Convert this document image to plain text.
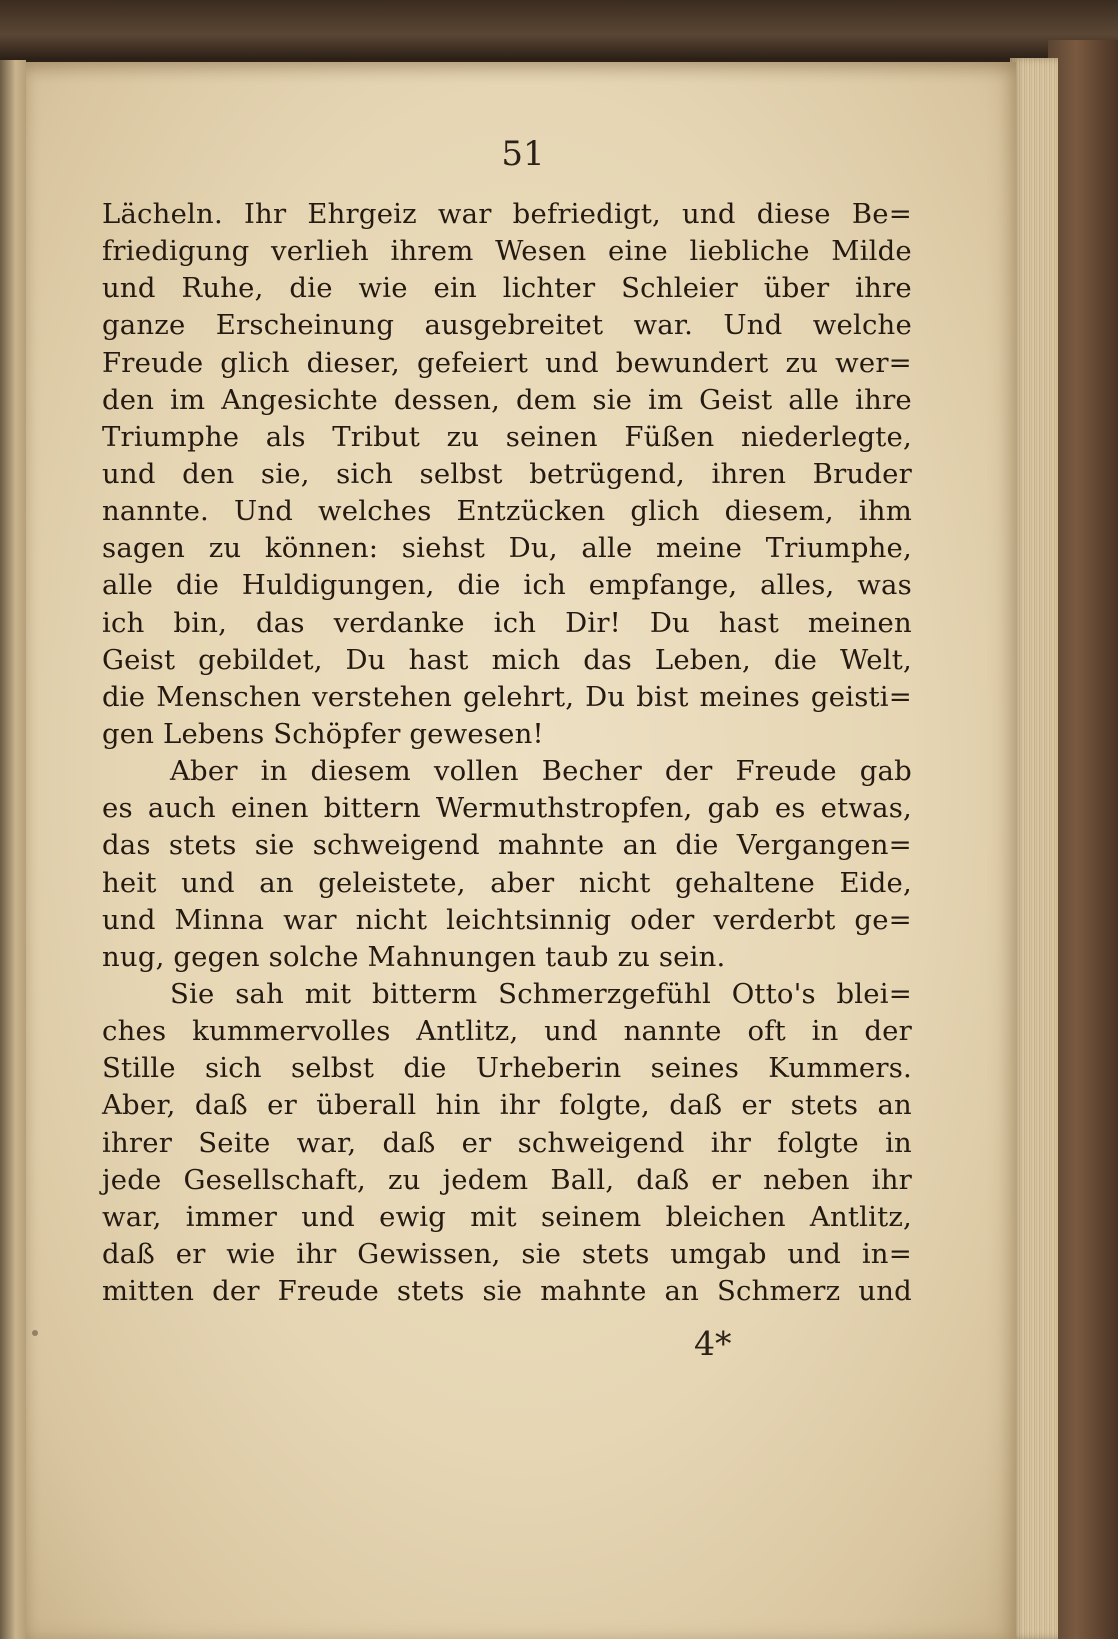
51
Lächeln. Ihr Ehrgeiz war befriedigt, und diese Be=
friedigung verlieh ihrem Wesen eine liebliche Milde
und Ruhe, die wie ein lichter Schleier über ihre
ganze Erscheinung ausgebreitet war. Und welche
Freude glich dieser, gefeiert und bewundert zu wer=
den im Angesichte dessen, dem sie im Geist alle ihre
Triumphe als Tribut zu seinen Füßen niederlegte,
und den sie, sich selbst betrügend, ihren Bruder
nannte. Und welches Entzücken glich diesem, ihm
sagen zu können: siehst Du, alle meine Triumphe,
alle die Huldigungen, die ich empfange, alles, was
ich bin, das verdanke ich Dir! Du hast meinen
Geist gebildet, Du hast mich das Leben, die Welt,
die Menschen verstehen gelehrt, Du bist meines geisti=
gen Lebens Schöpfer gewesen!
Aber in diesem vollen Becher der Freude gab
es auch einen bittern Wermuthstropfen, gab es etwas,
das stets sie schweigend mahnte an die Vergangen=
heit und an geleistete, aber nicht gehaltene Eide,
und Minna war nicht leichtsinnig oder verderbt ge=
nug, gegen solche Mahnungen taub zu sein.
Sie sah mit bitterm Schmerzgefühl Otto's blei=
ches kummervolles Antlitz, und nannte oft in der
Stille sich selbst die Urheberin seines Kummers.
Aber, daß er überall hin ihr folgte, daß er stets an
ihrer Seite war, daß er schweigend ihr folgte in
jede Gesellschaft, zu jedem Ball, daß er neben ihr
war, immer und ewig mit seinem bleichen Antlitz,
daß er wie ihr Gewissen, sie stets umgab und in=
mitten der Freude stets sie mahnte an Schmerz und
4*
